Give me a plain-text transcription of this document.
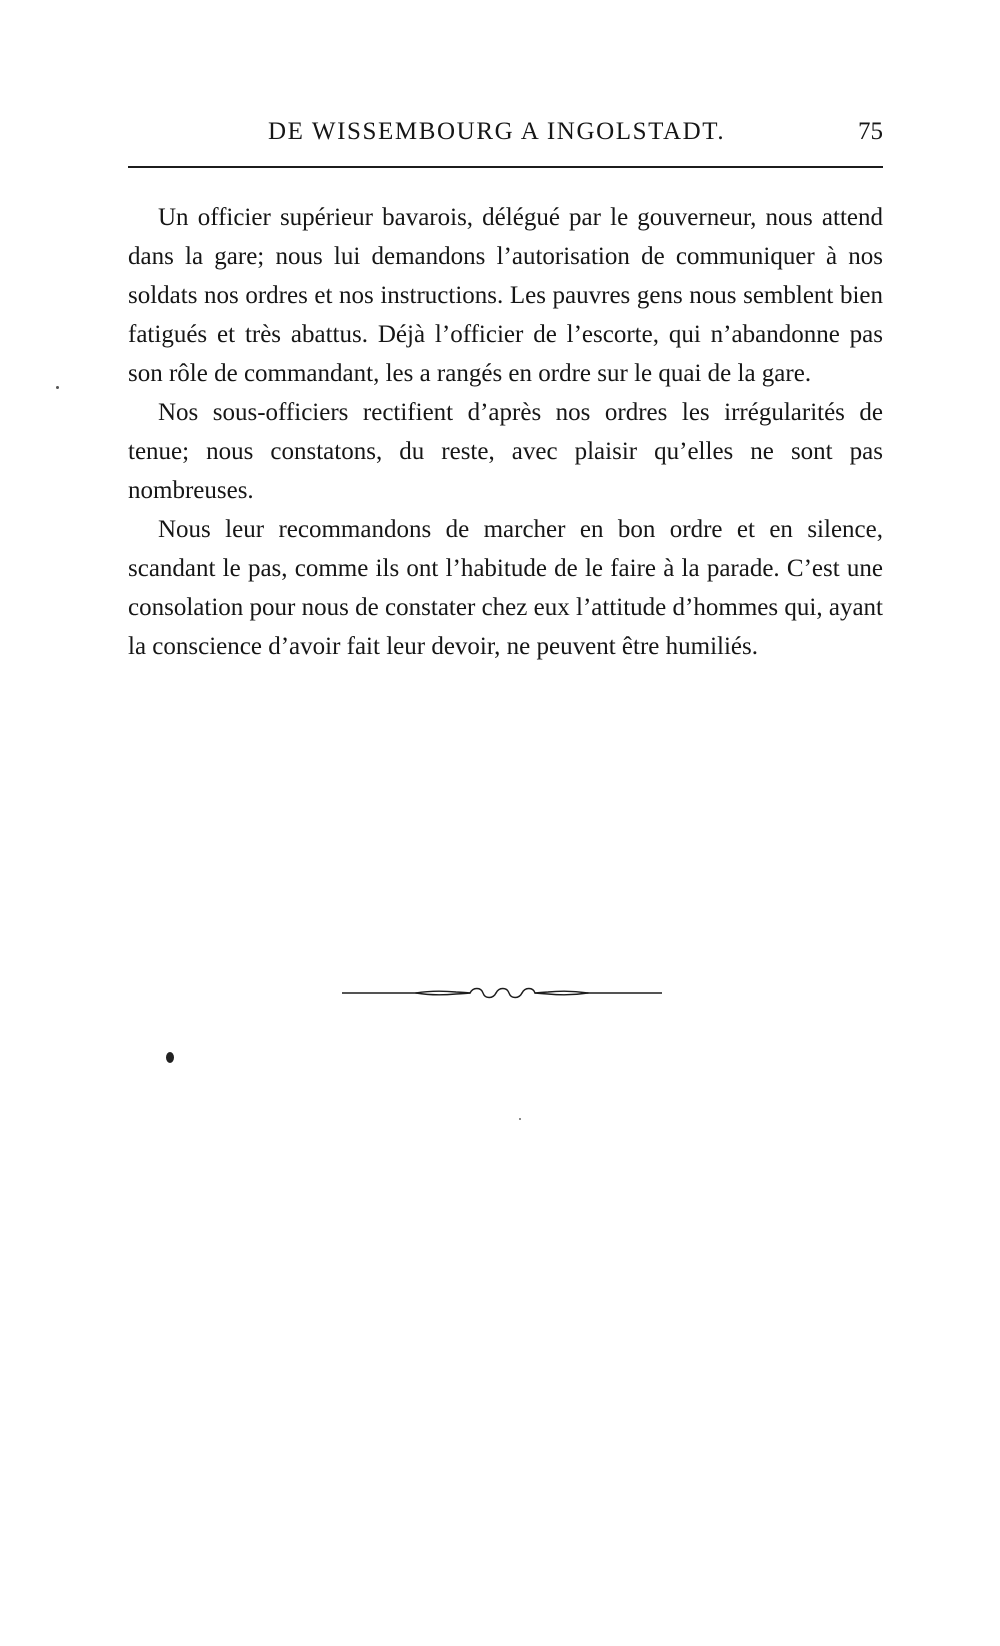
DE WISSEMBOURG A INGOLSTADT.	75

Un officier supérieur bavarois, délégué par le gouverneur, nous attend dans la gare; nous lui demandons l’autorisation de communiquer à nos soldats nos ordres et nos instructions. Les pauvres gens nous semblent bien fatigués et très abattus. Déjà l’officier de l’escorte, qui n’abandonne pas son rôle de commandant, les a rangés en ordre sur le quai de la gare.

Nos sous-officiers rectifient d’après nos ordres les irrégularités de tenue; nous constatons, du reste, avec plaisir qu’elles ne sont pas nombreuses.

Nous leur recommandons de marcher en bon ordre et en silence, scandant le pas, comme ils ont l’habitude de le faire à la parade. C’est une consolation pour nous de constater chez eux l’attitude d’hommes qui, ayant la conscience d’avoir fait leur devoir, ne peuvent être humiliés.
